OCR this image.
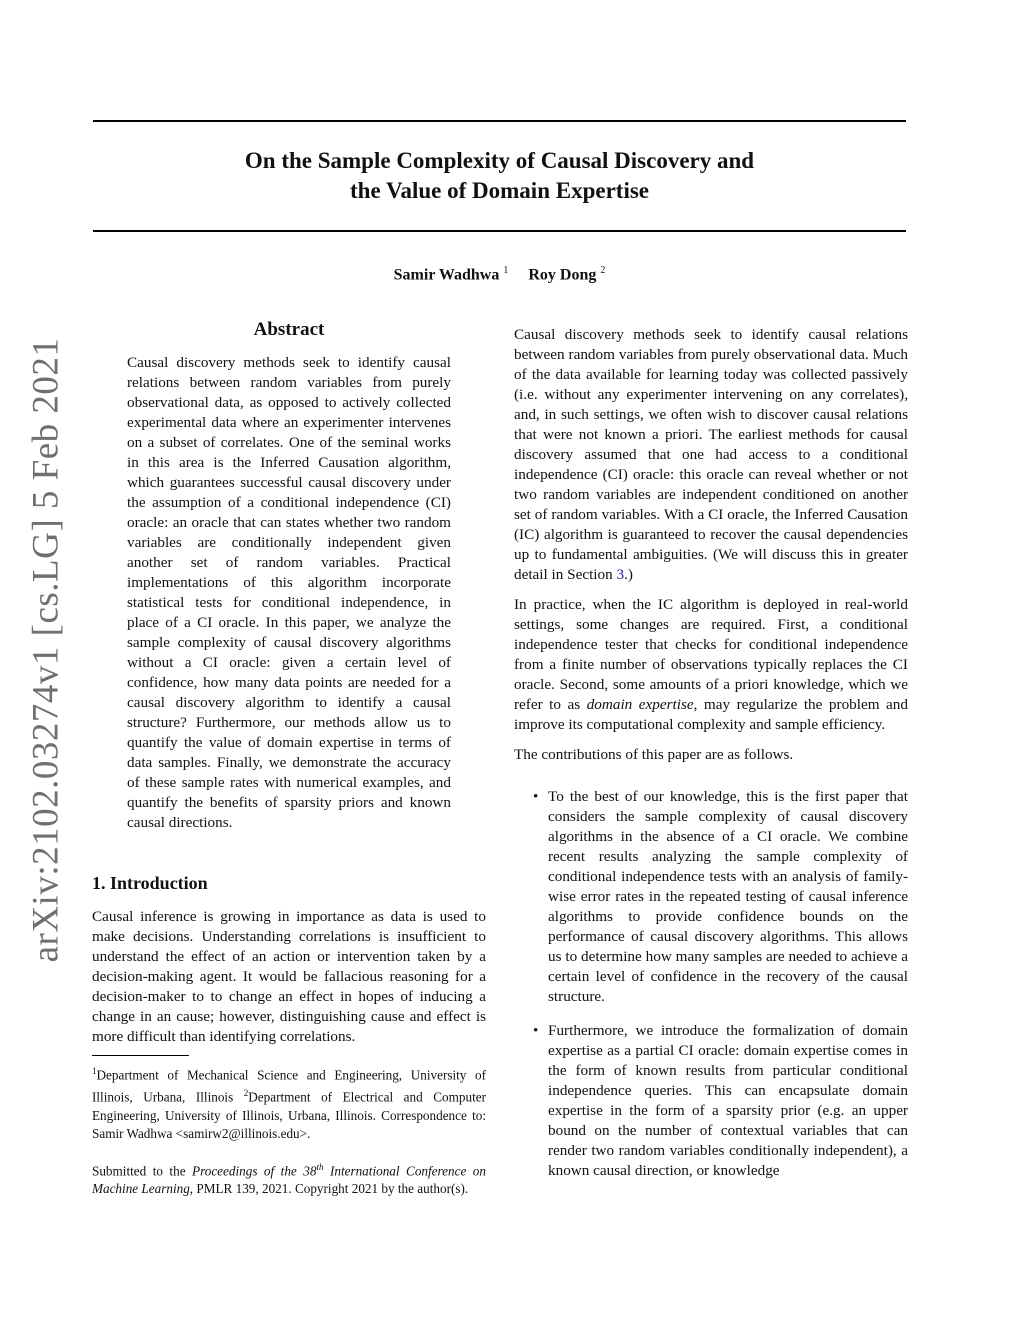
On the Sample Complexity of Causal Discovery and
the Value of Domain Expertise
Samir Wadhwa $^1$ Roy Dong $^2$
arXiv:2102.03274v1 [cs.LG] 5 Feb 2021
Abstract

Causal discovery methods seek to identify causal relations between random variables from purely observational data, as opposed to actively collected experimental data where an experimenter intervenes on a subset of correlates. One of the seminal works in this area is the Inferred Causation algorithm, which guarantees successful causal discovery under the assumption of a conditional independence (CI) oracle: an oracle that can states whether two random variables are conditionally independent given another set of random variables. Practical implementations of this algorithm incorporate statistical tests for conditional independence, in place of a CI oracle. In this paper, we analyze the sample complexity of causal discovery algorithms without a CI oracle: given a certain level of confidence, how many data points are needed for a causal discovery algorithm to identify a causal structure? Furthermore, our methods allow us to quantify the value of domain expertise in terms of data samples. Finally, we demonstrate the accuracy of these sample rates with numerical examples, and quantify the benefits of sparsity priors and known causal directions.

1. Introduction

Causal inference is growing in importance as data is used to make decisions. Understanding correlations is insufficient to understand the effect of an action or intervention taken by a decision-making agent. It would be fallacious reasoning for a decision-maker to to change an effect in hopes of inducing a change in an cause; however, distinguishing cause and effect is more difficult than identifying correlations.

$^1$Department of Mechanical Science and Engineering, University of Illinois, Urbana, Illinois $^2$Department of Electrical and Computer Engineering, University of Illinois, Urbana, Illinois. Correspondence to: Samir Wadhwa <samirw2@illinois.edu>.

Submitted to the Proceedings of the 38th International Conference on Machine Learning, PMLR 139, 2021. Copyright 2021 by the author(s).

Causal discovery methods seek to identify causal relations between random variables from purely observational data. Much of the data available for learning today was collected passively (i.e. without any experimenter intervening on any correlates), and, in such settings, we often wish to discover causal relations that were not known a priori. The earliest methods for causal discovery assumed that one had access to a conditional independence (CI) oracle: this oracle can reveal whether or not two random variables are independent conditioned on another set of random variables. With a CI oracle, the Inferred Causation (IC) algorithm is guaranteed to recover the causal dependencies up to fundamental ambiguities. (We will discuss this in greater detail in Section 3.)

In practice, when the IC algorithm is deployed in real-world settings, some changes are required. First, a conditional independence tester that checks for conditional independence from a finite number of observations typically replaces the CI oracle. Second, some amounts of a priori knowledge, which we refer to as domain expertise, may regularize the problem and improve its computational complexity and sample efficiency.

The contributions of this paper are as follows.

• To the best of our knowledge, this is the first paper that considers the sample complexity of causal discovery algorithms in the absence of a CI oracle. We combine recent results analyzing the sample complexity of conditional independence tests with an analysis of family-wise error rates in the repeated testing of causal inference algorithms to provide confidence bounds on the performance of causal discovery algorithms. This allows us to determine how many samples are needed to achieve a certain level of confidence in the recovery of the causal structure.
• Furthermore, we introduce the formalization of domain expertise as a partial CI oracle: domain expertise comes in the form of known results from particular conditional independence queries. This can encapsulate domain expertise in the form of a sparsity prior (e.g. an upper bound on the number of contextual variables that can render two random variables conditionally independent), a known causal direction, or knowledge
